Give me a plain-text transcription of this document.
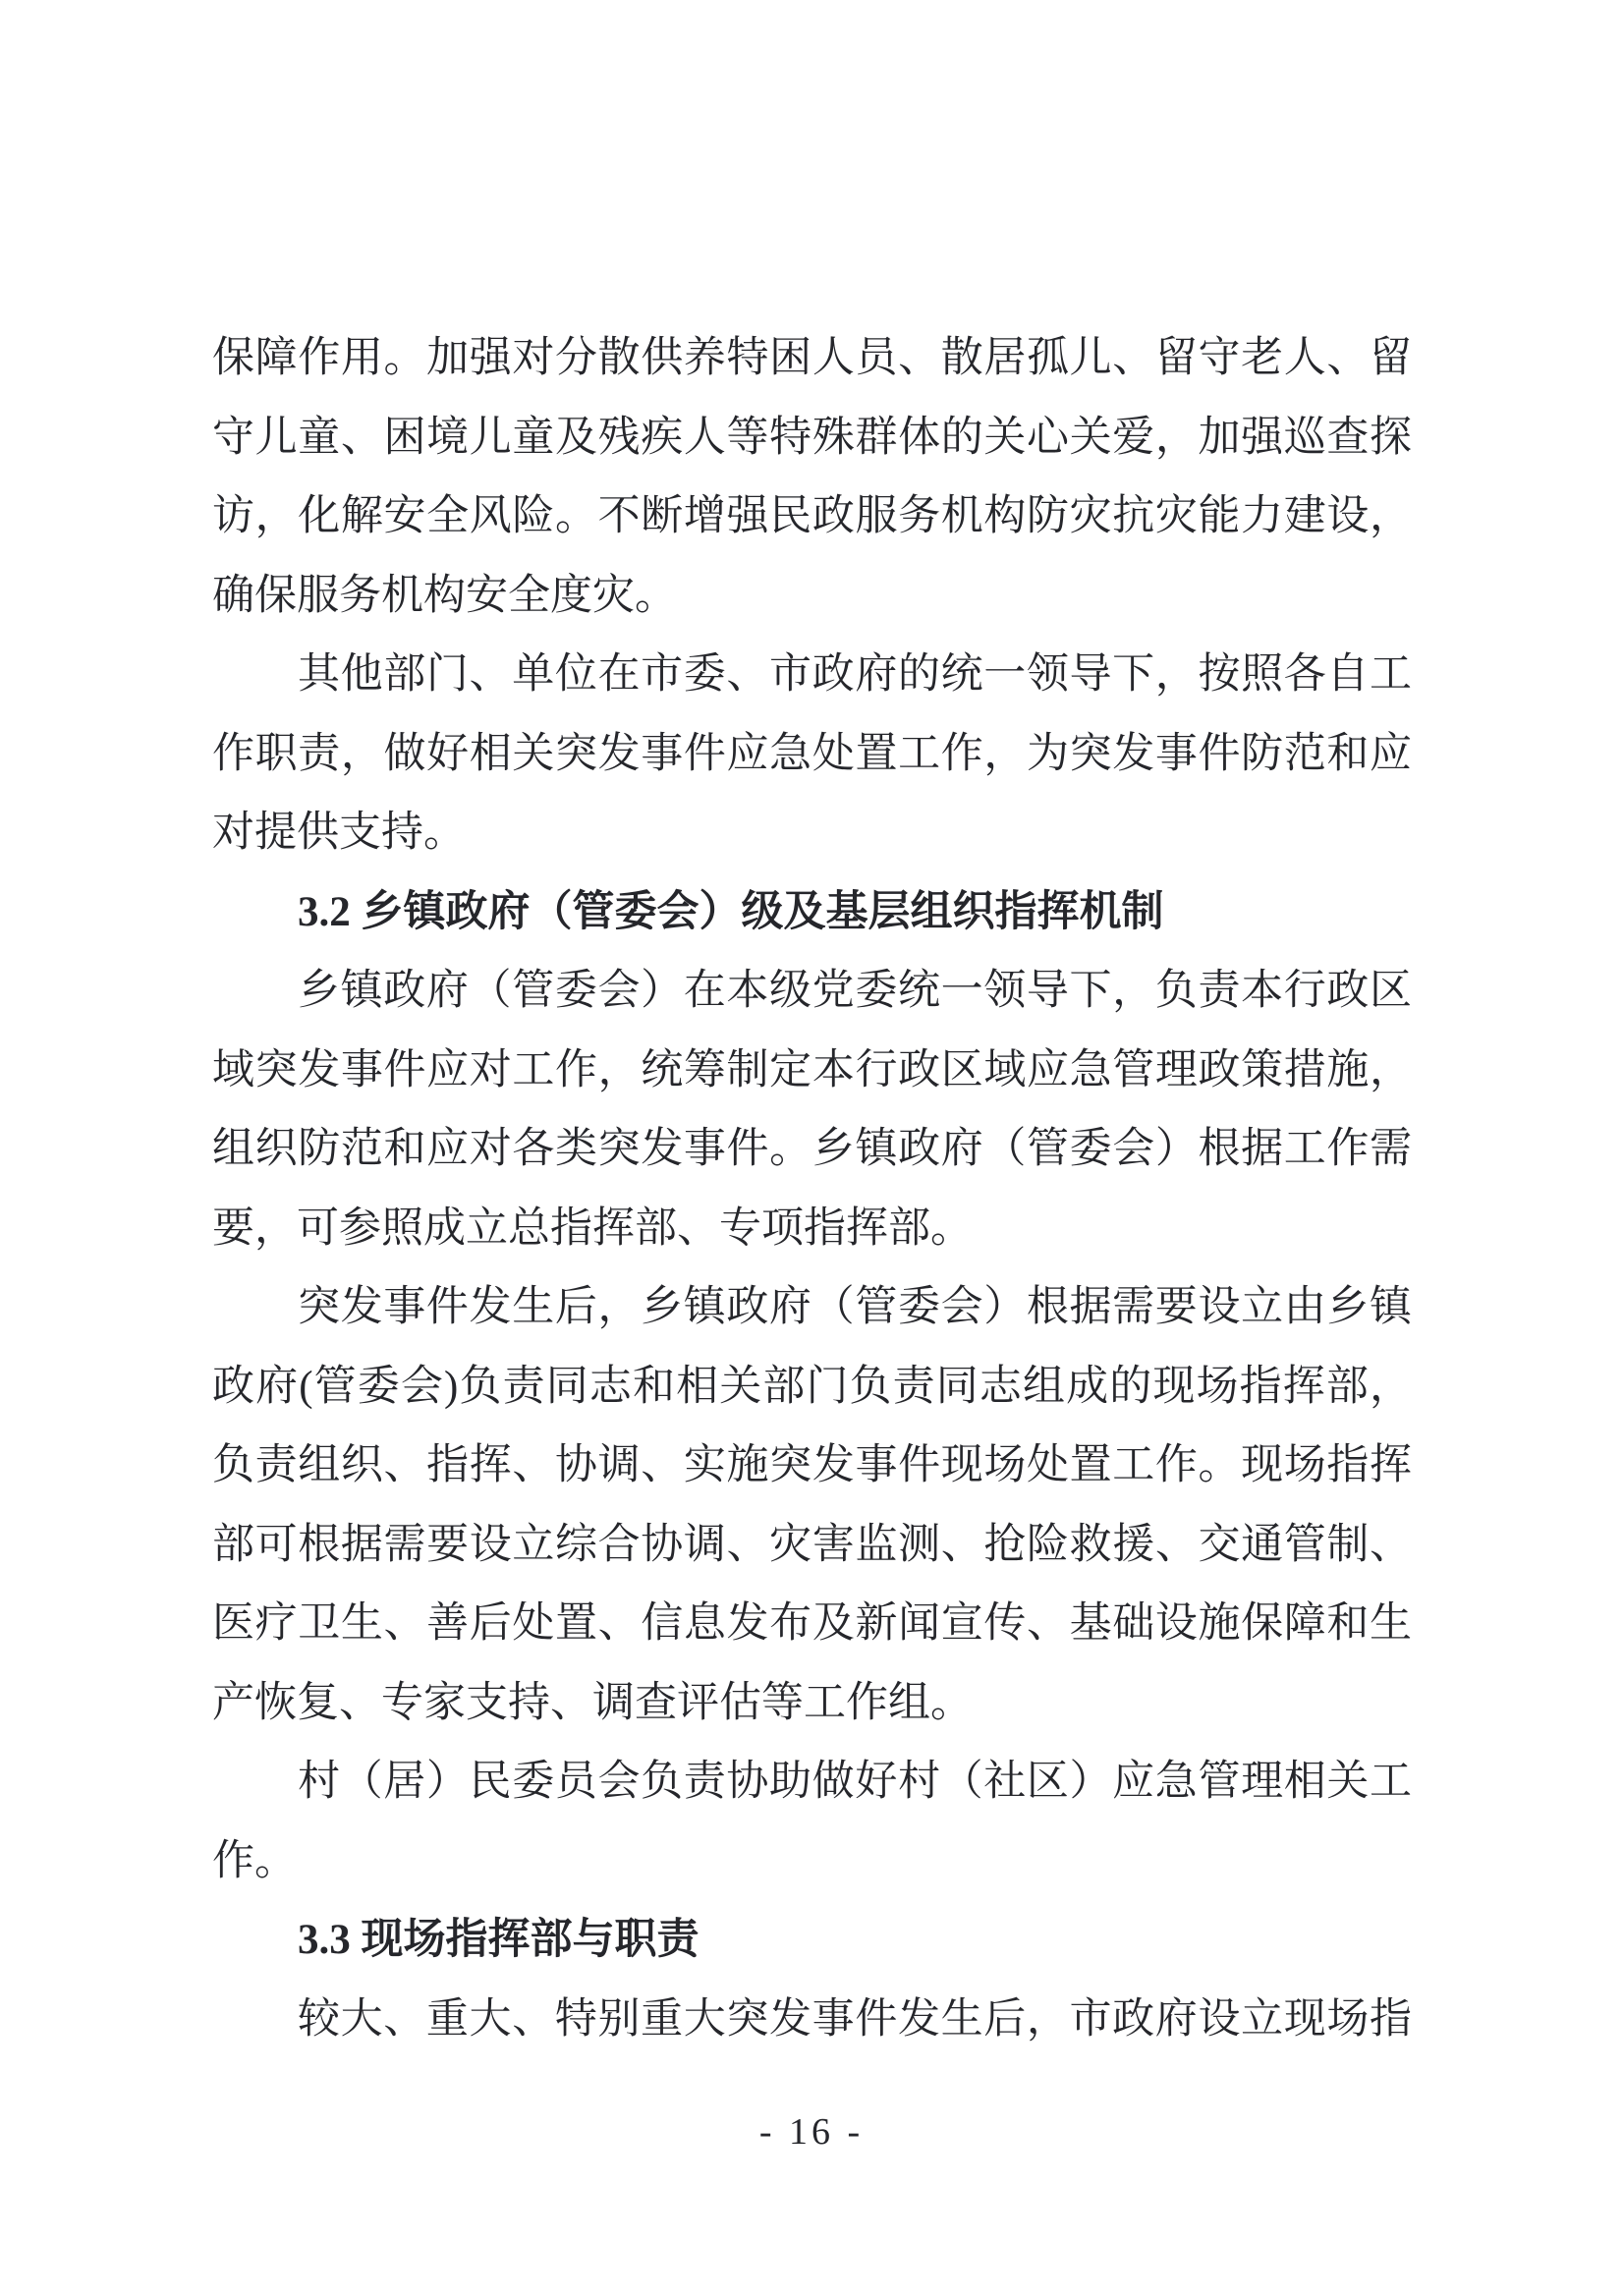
保障作用。加强对分散供养特困人员、散居孤儿、留守老人、留
守儿童、困境儿童及残疾人等特殊群体的关心关爱，加强巡查探
访，化解安全风险。不断增强民政服务机构防灾抗灾能力建设，
确保服务机构安全度灾。
其他部门、单位在市委、市政府的统一领导下，按照各自工
作职责，做好相关突发事件应急处置工作，为突发事件防范和应
对提供支持。
3.2 乡镇政府（管委会）级及基层组织指挥机制
乡镇政府（管委会）在本级党委统一领导下，负责本行政区
域突发事件应对工作，统筹制定本行政区域应急管理政策措施，
组织防范和应对各类突发事件。乡镇政府（管委会）根据工作需
要，可参照成立总指挥部、专项指挥部。
突发事件发生后，乡镇政府（管委会）根据需要设立由乡镇
政府(管委会)负责同志和相关部门负责同志组成的现场指挥部，
负责组织、指挥、协调、实施突发事件现场处置工作。现场指挥
部可根据需要设立综合协调、灾害监测、抢险救援、交通管制、
医疗卫生、善后处置、信息发布及新闻宣传、基础设施保障和生
产恢复、专家支持、调查评估等工作组。
村（居）民委员会负责协助做好村（社区）应急管理相关工
作。
3.3 现场指挥部与职责
较大、重大、特别重大突发事件发生后，市政府设立现场指
- 16 -
